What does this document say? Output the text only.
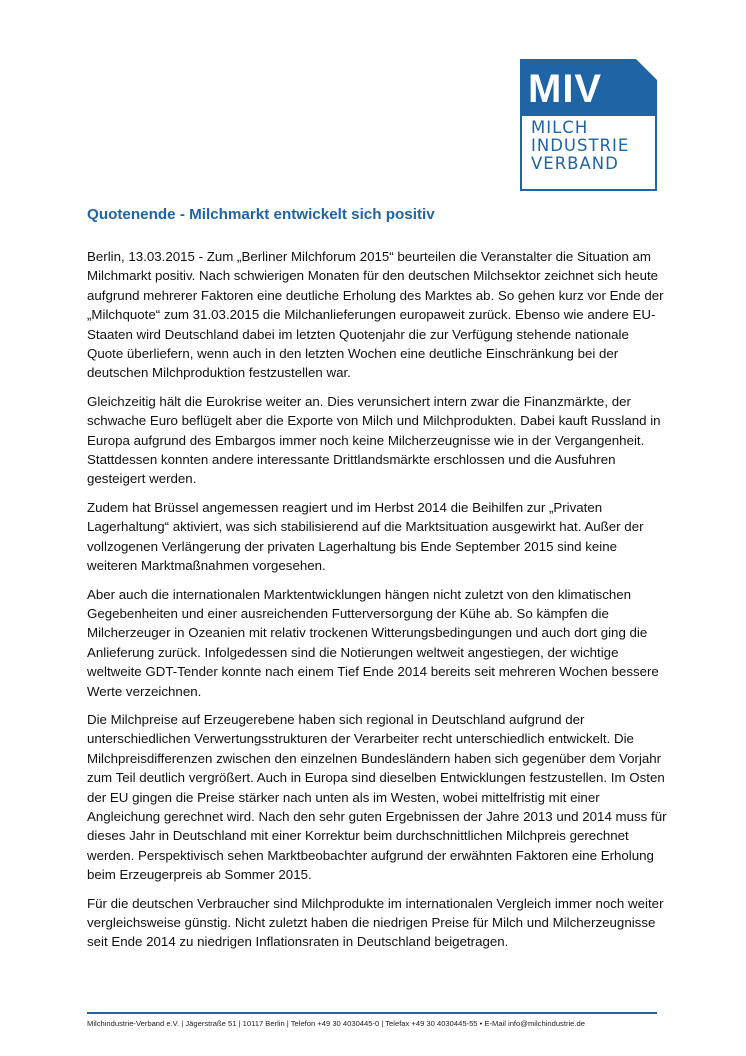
MIV
MILCH
INDUSTRIE
VERBAND
Quotenende - Milchmarkt entwickelt sich positiv

Berlin, 13.03.2015 - Zum „Berliner Milchforum 2015“ beurteilen die Veranstalter die Situation am Milchmarkt positiv. Nach schwierigen Monaten für den deutschen Milchsektor zeichnet sich heute aufgrund mehrerer Faktoren eine deutliche Erholung des Marktes ab. So gehen kurz vor Ende der „Milchquote“ zum 31.03.2015 die Milchanlieferungen europaweit zurück. Ebenso wie andere EU-Staaten wird Deutschland dabei im letzten Quotenjahr die zur Verfügung stehende nationale Quote überliefern, wenn auch in den letzten Wochen eine deutliche Einschränkung bei der deutschen Milchproduktion festzustellen war.

Gleichzeitig hält die Eurokrise weiter an. Dies verunsichert intern zwar die Finanzmärkte, der schwache Euro beflügelt aber die Exporte von Milch und Milchprodukten. Dabei kauft Russland in Europa aufgrund des Embargos immer noch keine Milcherzeugnisse wie in der Vergangenheit. Stattdessen konnten andere interessante Drittlandsmärkte erschlossen und die Ausfuhren gesteigert werden.

Zudem hat Brüssel angemessen reagiert und im Herbst 2014 die Beihilfen zur „Privaten Lagerhaltung“ aktiviert, was sich stabilisierend auf die Marktsituation ausgewirkt hat. Außer der vollzogenen Verlängerung der privaten Lagerhaltung bis Ende September 2015 sind keine weiteren Marktmaßnahmen vorgesehen.

Aber auch die internationalen Marktentwicklungen hängen nicht zuletzt von den klimatischen Gegebenheiten und einer ausreichenden Futterversorgung der Kühe ab. So kämpfen die Milcherzeuger in Ozeanien mit relativ trockenen Witterungsbedingungen und auch dort ging die Anlieferung zurück. Infolgedessen sind die Notierungen weltweit angestiegen, der wichtige weltweite GDT-Tender konnte nach einem Tief Ende 2014 bereits seit mehreren Wochen bessere Werte verzeichnen.

Die Milchpreise auf Erzeugerebene haben sich regional in Deutschland aufgrund der unterschiedlichen Verwertungsstrukturen der Verarbeiter recht unterschiedlich entwickelt. Die Milchpreisdifferenzen zwischen den einzelnen Bundesländern haben sich gegenüber dem Vorjahr zum Teil deutlich vergrößert. Auch in Europa sind dieselben Entwicklungen festzustellen. Im Osten der EU gingen die Preise stärker nach unten als im Westen, wobei mittelfristig mit einer Angleichung gerechnet wird. Nach den sehr guten Ergebnissen der Jahre 2013 und 2014 muss für dieses Jahr in Deutschland mit einer Korrektur beim durchschnittlichen Milchpreis gerechnet werden. Perspektivisch sehen Marktbeobachter aufgrund der erwähnten Faktoren eine Erholung beim Erzeugerpreis ab Sommer 2015.

Für die deutschen Verbraucher sind Milchprodukte im internationalen Vergleich immer noch weiter vergleichsweise günstig. Nicht zuletzt haben die niedrigen Preise für Milch und Milcherzeugnisse seit Ende 2014 zu niedrigen Inflationsraten in Deutschland beigetragen.

Milchindustrie-Verband e.V. | Jägerstraße 51 | 10117 Berlin | Telefon +49 30 4030445-0 | Telefax +49 30 4030445-55 • E-Mail info@milchindustrie.de
